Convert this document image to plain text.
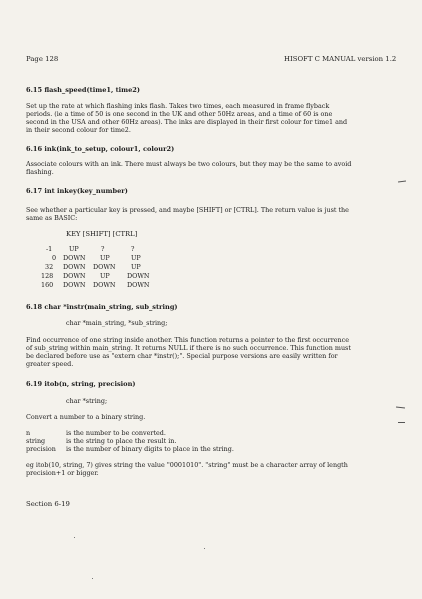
Page 128	HISOFT C MANUAL version 1.2
6.15 flash_speed(time1, time2)
Set up the rate at which flashing inks flash. Takes two times, each measured in frame flyback
periods. (ie a time of 50 is one second in the UK and other 50Hz areas, and a time of 60 is one
second in the USA and other 60Hz areas). The inks are displayed in their first colour for time1 and
in their second colour for time2.
6.16 ink(ink_to_setup, colour1, colour2)
Associate colours with an ink. There must always be two colours, but they may be the same to avoid
flashing.
6.17 int inkey(key_number)
See whether a particular key is pressed, and maybe [SHIFT] or [CTRL]. The return value is just the
same as BASIC:
KEY [SHIFT] [CTRL]
-1	UP	?	?
0 DOWN UP	UP
32 DOWN DOWN UP
128 DOWN UP	DOWN
160 DOWN DOWN DOWN
6.18 char *instr(main_string, sub_string)
char *main_string, *sub_string;
Find occurrence of one string inside another. This function returns a pointer to the first occurrence
of sub_string within main_string. It returns NULL if there is no such occurrence. This function must
be declared before use as "extern char *instr();". Special purpose versions are easily written for
greater speed.
6.19 itob(n, string, precision)
char *string;
Convert a number to a binary string.
n	is the number to be converted.
string	is the string to place the result in.
precision is the number of binary digits to place in the string.
eg itob(10, string, 7) gives string the value "0001010". "string" must be a character array of length
precision+1 or bigger.
Section 6-19
